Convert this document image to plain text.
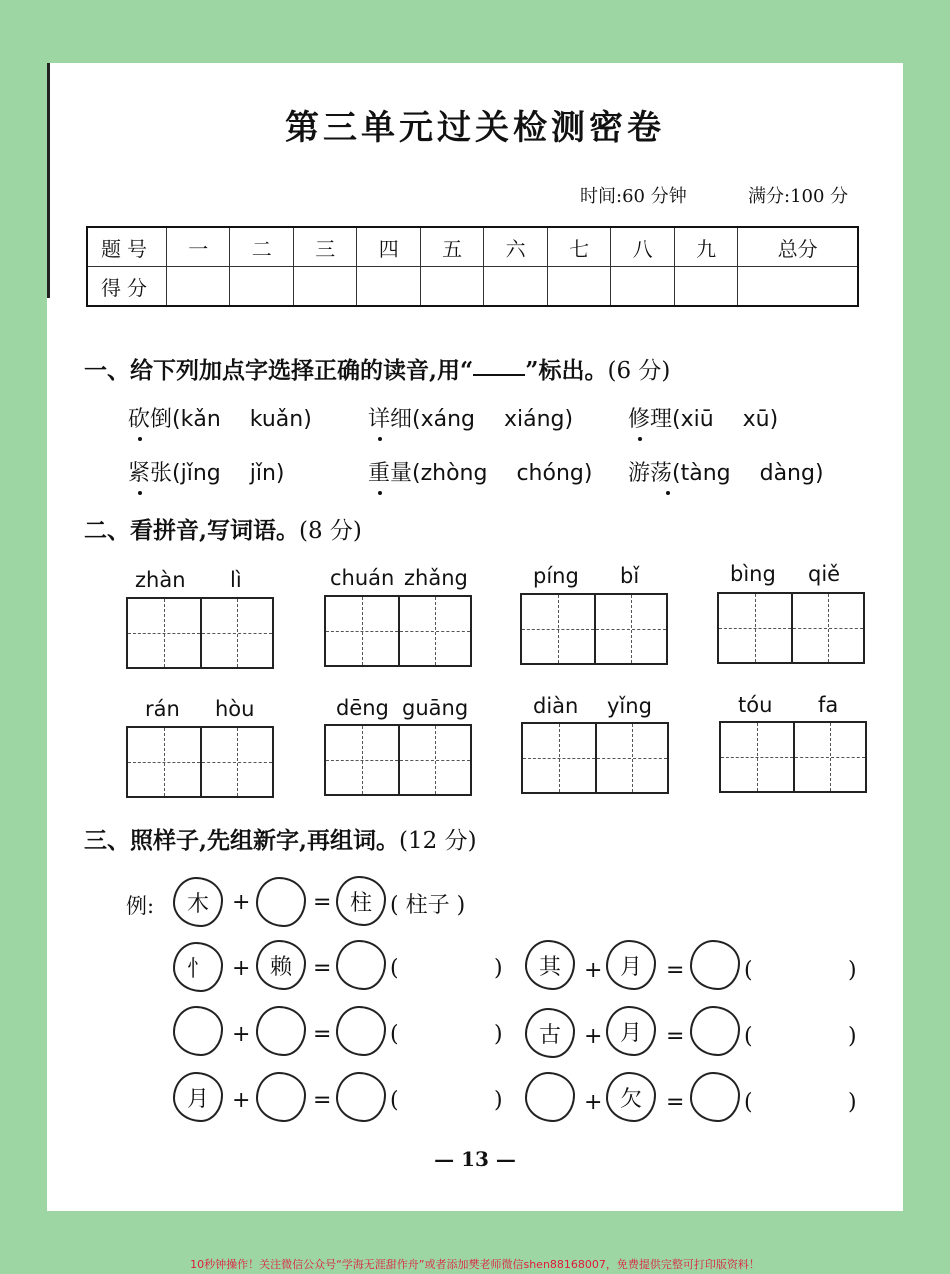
第三单元过关检测密卷
时间:60 分钟	满分:100 分
题号	一	二	三	四	五	六	七	八	九	总分
得分										
一、给下列加点字选择正确的读音,用“ ”标出。(6 分)
砍倒(kǎn　 kuǎn)	详细(xáng　 xiáng) 修理(xiū　 xū)
紧张(jǐng　 jǐn)	重量(zhòng　 chóng) 游荡(tàng　 dàng)
二、看拼音,写词语。(8 分)
zhàn lì	chuán zhǎng	píng bǐ	bìng qiě
rán hòu	dēng guāng	diàn yǐng	tóu fa
三、照样子,先组新字,再组词。(12 分)
例:	木	+	= 柱 ( 柱子 )
忄	+ 赖 =	(	)	其	+ 月	=	(	)
+	=	(	)	古	+ 月	=	(	)
月	+	=	(	)	+ 欠	=	(	)
— 13 —
10秒钟操作！关注微信公众号“学海无涯甜作舟”或者添加樊老师微信shen88168007，免费提供完整可打印版资料！
